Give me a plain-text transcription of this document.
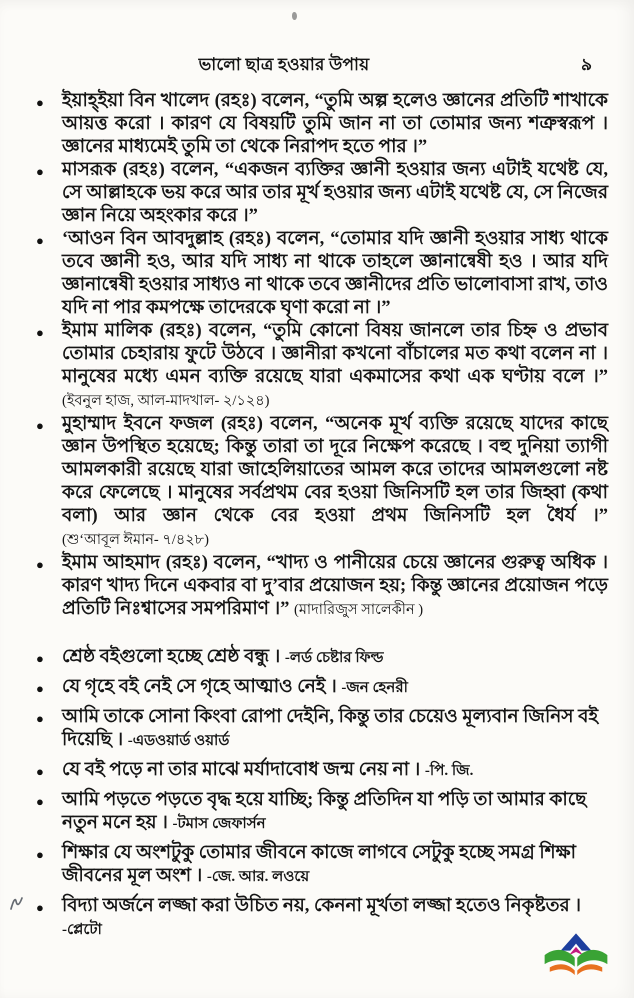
ভালো ছাত্র হওয়ার উপায়	৯
● ইয়াহ্‌ইয়া বিন খালেদ (রহঃ) বলেন, “তুমি অল্প হলেও জ্ঞানের প্রতিটি শাখাকে আয়ত্ত করো । কারণ যে বিষয়টি তুমি জান না তা তোমার জন্য শত্রুস্বরূপ । জ্ঞানের মাধ্যমেই তুমি তা থেকে নিরাপদ হতে পার ।”

● মাসরূক (রহঃ) বলেন, “একজন ব্যক্তির জ্ঞানী হওয়ার জন্য এটাই যথেষ্ট যে, সে আল্লাহকে ভয় করে আর তার মূর্খ হওয়ার জন্য এটাই যথেষ্ট যে, সে নিজের জ্ঞান নিয়ে অহংকার করে ।”

● ‘আওন বিন আবদুল্লাহ (রহঃ) বলেন, “তোমার যদি জ্ঞানী হওয়ার সাধ্য থাকে তবে জ্ঞানী হও, আর যদি সাধ্য না থাকে তাহলে জ্ঞানান্বেষী হও । আর যদি জ্ঞানান্বেষী হওয়ার সাধ্যও না থাকে তবে জ্ঞানীদের প্রতি ভালোবাসা রাখ, তাও যদি না পার কমপক্ষে তাদেরকে ঘৃণা করো না ।”

● ইমাম মালিক (রহঃ) বলেন, “তুমি কোনো বিষয় জানলে তার চিহ্ন ও প্রভাব তোমার চেহারায় ফুটে উঠবে । জ্ঞানীরা কখনো বাঁচালের মত কথা বলেন না । মানুষের মধ্যে এমন ব্যক্তি রয়েছে যারা একমাসের কথা এক ঘণ্টায় বলে ।” (ইবনুল হাজ, আল-মাদখাল- ২/১২৪)

● মুহাম্মাদ ইবনে ফজল (রহঃ) বলেন, “অনেক মূর্খ ব্যক্তি রয়েছে যাদের কাছে জ্ঞান উপস্থিত হয়েছে; কিন্তু তারা তা দূরে নিক্ষেপ করেছে । বহু দুনিয়া ত্যাগী আমলকারী রয়েছে যারা জাহেলিয়াতের আমল করে তাদের আমলগুলো নষ্ট করে ফেলেছে । মানুষের সর্বপ্রথম বের হওয়া জিনিসটি হল তার জিহ্বা (কথা বলা) আর জ্ঞান থেকে বের হওয়া প্রথম জিনিসটি হল ধৈর্য ।” (শু‘আবূল ঈমান- ৭/৪২৮)

● ইমাম আহমাদ (রহঃ) বলেন, “খাদ্য ও পানীয়ের চেয়ে জ্ঞানের গুরুত্ব অধিক । কারণ খাদ্য দিনে একবার বা দু’বার প্রয়োজন হয়; কিন্তু জ্ঞানের প্রয়োজন পড়ে প্রতিটি নিঃশ্বাসের সমপরিমাণ ।” (মাদারিজুস সালেকীন )

● শ্রেষ্ঠ বইগুলো হচ্ছে শ্রেষ্ঠ বন্ধু । -লর্ড চেষ্টার ফিল্ড

● যে গৃহে বই নেই সে গৃহে আত্মাও নেই । -জন হেনরী

● আমি তাকে সোনা কিংবা রোপা দেইনি, কিন্তু তার চেয়েও মূল্যবান জিনিস বই দিয়েছি । -এডওয়ার্ড ওয়ার্ড

● যে বই পড়ে না তার মাঝে মর্যাদাবোধ জন্ম নেয় না । -পি. জি.

● আমি পড়তে পড়তে বৃদ্ধ হয়ে যাচ্ছি; কিন্তু প্রতিদিন যা পড়ি তা আমার কাছে নতুন মনে হয় । -টমাস জেফার্সন

● শিক্ষার যে অংশটুকু তোমার জীবনে কাজে লাগবে সেটুকু হচ্ছে সমগ্র শিক্ষা জীবনের মূল অংশ । -জে. আর. লওয়ে

● বিদ্যা অর্জনে লজ্জা করা উচিত নয়, কেননা মূর্খতা লজ্জা হতেও নিকৃষ্টতর । -প্লেটো
